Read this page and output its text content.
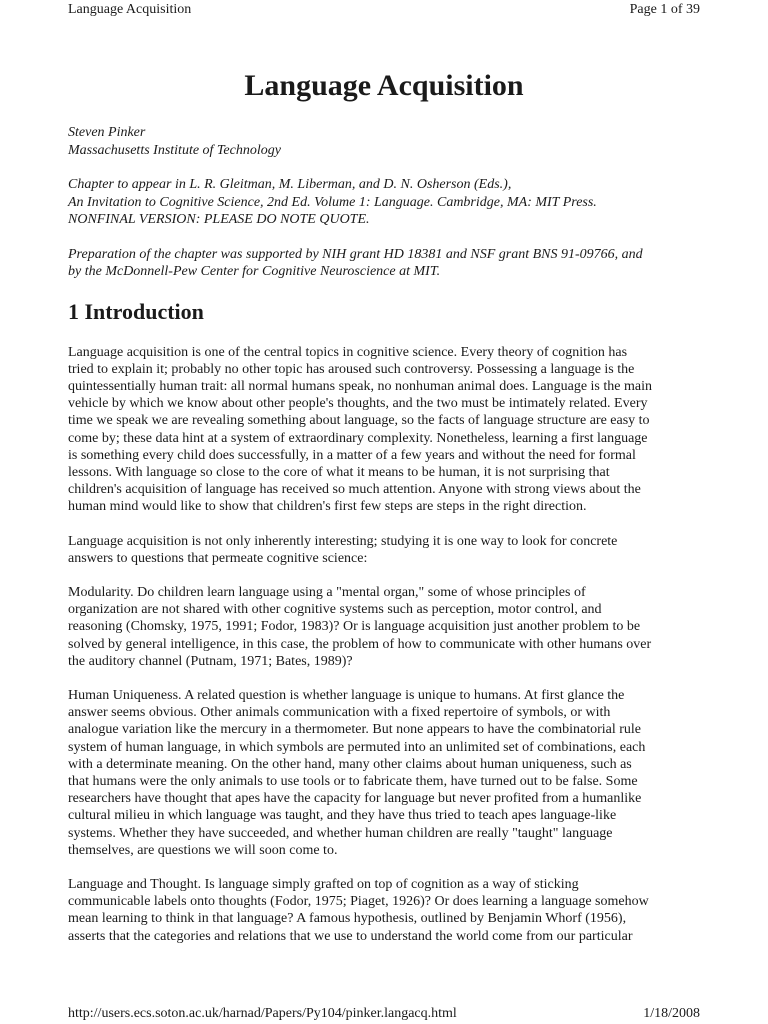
Language Acquisition	Page 1 of 39
Language Acquisition
Steven Pinker
Massachusetts Institute of Technology
Chapter to appear in L. R. Gleitman, M. Liberman, and D. N. Osherson (Eds.),
An Invitation to Cognitive Science, 2nd Ed. Volume 1: Language. Cambridge, MA: MIT Press.
NONFINAL VERSION: PLEASE DO NOTE QUOTE.
Preparation of the chapter was supported by NIH grant HD 18381 and NSF grant BNS 91-09766, and
by the McDonnell-Pew Center for Cognitive Neuroscience at MIT.
1 Introduction

Language acquisition is one of the central topics in cognitive science. Every theory of cognition has
tried to explain it; probably no other topic has aroused such controversy. Possessing a language is the
quintessentially human trait: all normal humans speak, no nonhuman animal does. Language is the main
vehicle by which we know about other people's thoughts, and the two must be intimately related. Every
time we speak we are revealing something about language, so the facts of language structure are easy to
come by; these data hint at a system of extraordinary complexity. Nonetheless, learning a first language
is something every child does successfully, in a matter of a few years and without the need for formal
lessons. With language so close to the core of what it means to be human, it is not surprising that
children's acquisition of language has received so much attention. Anyone with strong views about the
human mind would like to show that children's first few steps are steps in the right direction.

Language acquisition is not only inherently interesting; studying it is one way to look for concrete
answers to questions that permeate cognitive science:

Modularity. Do children learn language using a "mental organ," some of whose principles of
organization are not shared with other cognitive systems such as perception, motor control, and
reasoning (Chomsky, 1975, 1991; Fodor, 1983)? Or is language acquisition just another problem to be
solved by general intelligence, in this case, the problem of how to communicate with other humans over
the auditory channel (Putnam, 1971; Bates, 1989)?

Human Uniqueness. A related question is whether language is unique to humans. At first glance the
answer seems obvious. Other animals communication with a fixed repertoire of symbols, or with
analogue variation like the mercury in a thermometer. But none appears to have the combinatorial rule
system of human language, in which symbols are permuted into an unlimited set of combinations, each
with a determinate meaning. On the other hand, many other claims about human uniqueness, such as
that humans were the only animals to use tools or to fabricate them, have turned out to be false. Some
researchers have thought that apes have the capacity for language but never profited from a humanlike
cultural milieu in which language was taught, and they have thus tried to teach apes language-like
systems. Whether they have succeeded, and whether human children are really "taught" language
themselves, are questions we will soon come to.

Language and Thought. Is language simply grafted on top of cognition as a way of sticking
communicable labels onto thoughts (Fodor, 1975; Piaget, 1926)? Or does learning a language somehow
mean learning to think in that language? A famous hypothesis, outlined by Benjamin Whorf (1956),
asserts that the categories and relations that we use to understand the world come from our particular

http://users.ecs.soton.ac.uk/harnad/Papers/Py104/pinker.langacq.html	1/18/2008
